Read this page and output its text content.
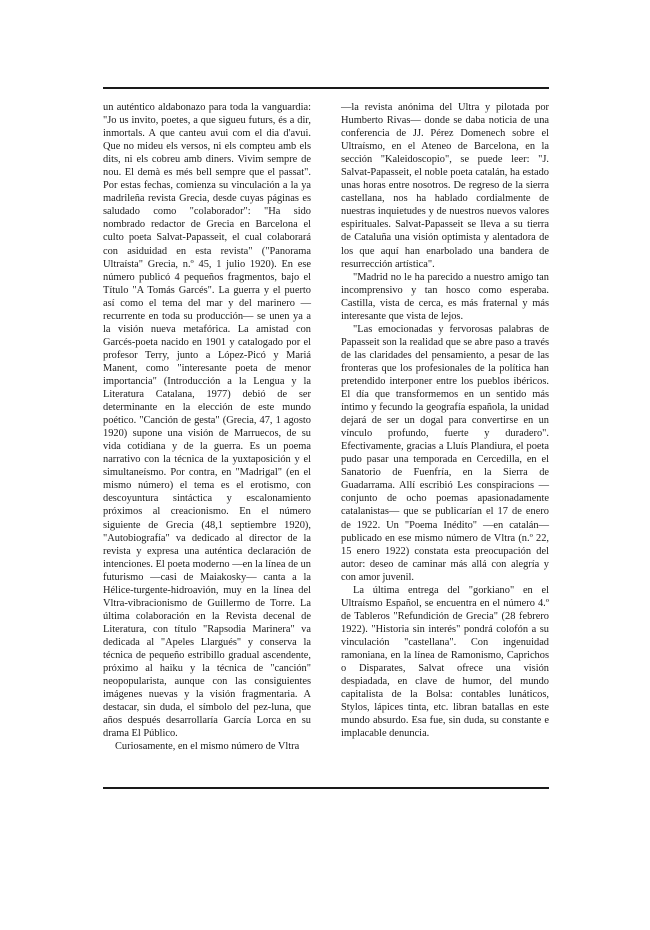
un auténtico aldabonazo para toda la vanguardia: "Jo us invito, poetes, a que sigueu futurs, és a dir, inmortals. A que canteu avui com el dia d'avui. Que no mideu els versos, ni els compteu amb els dits, ni els cobreu amb diners. Vivim sempre de nou. El demà es més bell sempre que el passat". Por estas fechas, comienza su vinculación a la ya madrileña revista Grecia, desde cuyas páginas es saludado como "colaborador": "Ha sido nombrado redactor de Grecia en Barcelona el culto poeta Salvat-Papasseit, el cual colaborará con asiduidad en esta revista" ("Panorama Ultraísta" Grecia, n.º 45, 1 julio 1920). En ese número publicó 4 pequeños fragmentos, bajo el Título "A Tomás Garcés". La guerra y el puerto así como el tema del mar y del marinero —recurrente en toda su producción— se unen ya a la visión nueva metafórica. La amistad con Garcés-poeta nacido en 1901 y catalogado por el profesor Terry, junto a López-Picó y Mariá Manent, como "interesante poeta de menor importancia" (Introducción a la Lengua y la Literatura Catalana, 1977) debió de ser determinante en la elección de este mundo poético. "Canción de gesta" (Grecia, 47, 1 agosto 1920) supone una visión de Marruecos, de su vida cotidiana y de la guerra. Es un poema narrativo con la técnica de la yuxtaposición y el simultaneísmo. Por contra, en "Madrigal" (en el mismo número) el tema es el erotismo, con descoyuntura sintáctica y escalonamiento próximos al creacionismo. En el número siguiente de Grecia (48,1 septiembre 1920), "Autobiografía" va dedicado al director de la revista y expresa una auténtica declaración de intenciones. El poeta moderno —en la línea de un futurismo —casi de Maiakosky— canta a la Hélice-turgente-hidroavión, muy en la línea del Vltra-vibracionismo de Guillermo de Torre. La última colaboración en la Revista decenal de Literatura, con título "Rapsodia Marinera" va dedicada al "Apeles Llargués" y conserva la técnica de pequeño estribillo gradual ascendente, próximo al haiku y la técnica de "canción" neopopularista, aunque con las consiguientes imágenes nuevas y la visión fragmentaria. A destacar, sin duda, el símbolo del pez-luna, que años después desarrollaría García Lorca en su drama El Público.

Curiosamente, en el mismo número de Vltra

—la revista anónima del Ultra y pilotada por Humberto Rivas— donde se daba noticia de una conferencia de JJ. Pérez Domenech sobre el Ultraísmo, en el Ateneo de Barcelona, en la sección "Kaleidoscopio", se puede leer: "J. Salvat-Papasseit, el noble poeta catalán, ha estado unas horas entre nosotros. De regreso de la sierra castellana, nos ha hablado cordialmente de nuestras inquietudes y de nuestros nuevos valores espirituales. Salvat-Papasseit se lleva a su tierra de Cataluña una visión optimista y alentadora de los que aquí han enarbolado una bandera de resurrección artística".

"Madrid no le ha parecido a nuestro amigo tan incomprensivo y tan hosco como esperaba. Castilla, vista de cerca, es más fraternal y más interesante que vista de lejos.

"Las emocionadas y fervorosas palabras de Papasseit son la realidad que se abre paso a través de las claridades del pensamiento, a pesar de las fronteras que los profesionales de la política han pretendido interponer entre los pueblos ibéricos. El día que transformemos en un sentido más íntimo y fecundo la geografía española, la unidad dejará de ser un dogal para convertirse en un vínculo profundo, fuerte y duradero". Efectivamente, gracias a Lluís Plandiura, el poeta pudo pasar una temporada en Cercedilla, en el Sanatorio de Fuenfría, en la Sierra de Guadarrama. Allí escribió Les conspiracions —conjunto de ocho poemas apasionadamente catalanistas— que se publicarían el 17 de enero de 1922. Un "Poema Inédito" —en catalán— publicado en ese mismo número de Vltra (n.º 22, 15 enero 1922) constata esta preocupación del autor: deseo de caminar más allá con alegría y con amor juvenil.

La última entrega del "gorkiano" en el Ultraísmo Español, se encuentra en el número 4.º de Tableros "Refundición de Grecia" (28 febrero 1922). "Historia sin interés" pondrá colofón a su vinculación "castellana". Con ingenuidad ramoniana, en la línea de Ramonismo, Caprichos o Disparates, Salvat ofrece una visión despiadada, en clave de humor, del mundo capitalista de la Bolsa: contables lunáticos, Stylos, lápices tinta, etc. libran batallas en este mundo absurdo. Esa fue, sin duda, su constante e implacable denuncia.
